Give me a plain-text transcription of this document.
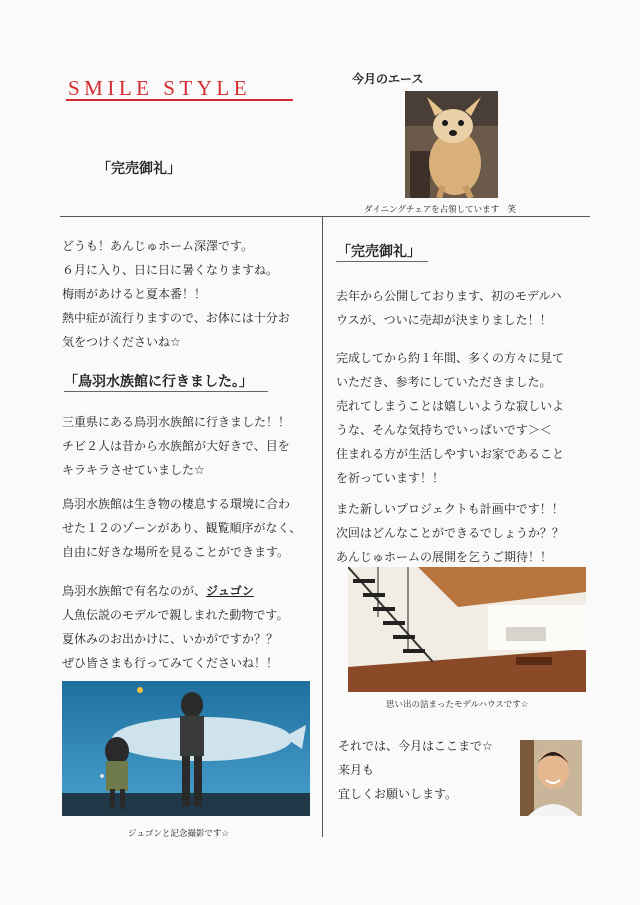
SMILE STYLE
「完売御礼」
今月のエース
ダイニングチェアを占領しています　笑

どうも！あんじゅホーム深澤です。

６月に入り、日に日に暑くなりますね。

梅雨があけると夏本番！！

熱中症が流行りますので、お体には十分お

気をつけくださいね☆

「鳥羽水族館に行きました。」

三重県にある鳥羽水族館に行きました！！

チビ２人は昔から水族館が大好きで、目を

キラキラさせていました☆

鳥羽水族館は生き物の棲息する環境に合わ

せた１２のゾーンがあり、観覧順序がなく、

自由に好きな場所を見ることができます。

鳥羽水族館で有名なのが、ジュゴン

人魚伝説のモデルで親しまれた動物です。

夏休みのお出かけに、いかがですか？？

ぜひ皆さまも行ってみてくださいね！！

ジュゴンと記念撮影です☆
「完売御礼」

去年から公開しております、初のモデルハ

ウスが、ついに売却が決まりました！！

完成してから約１年間、多くの方々に見て

いただき、参考にしていただきました。

売れてしまうことは嬉しいような寂しいよ

うな、そんな気持ちでいっぱいです＞＜

住まれる方が生活しやすいお家であること

を祈っています！！

また新しいプロジェクトも計画中です！！

次回はどんなことができるでしょうか？？

あんじゅホームの展開を乞うご期待！！

思い出の詰まったモデルハウスです☆

それでは、今月はここまで☆

来月も

宜しくお願いします。
